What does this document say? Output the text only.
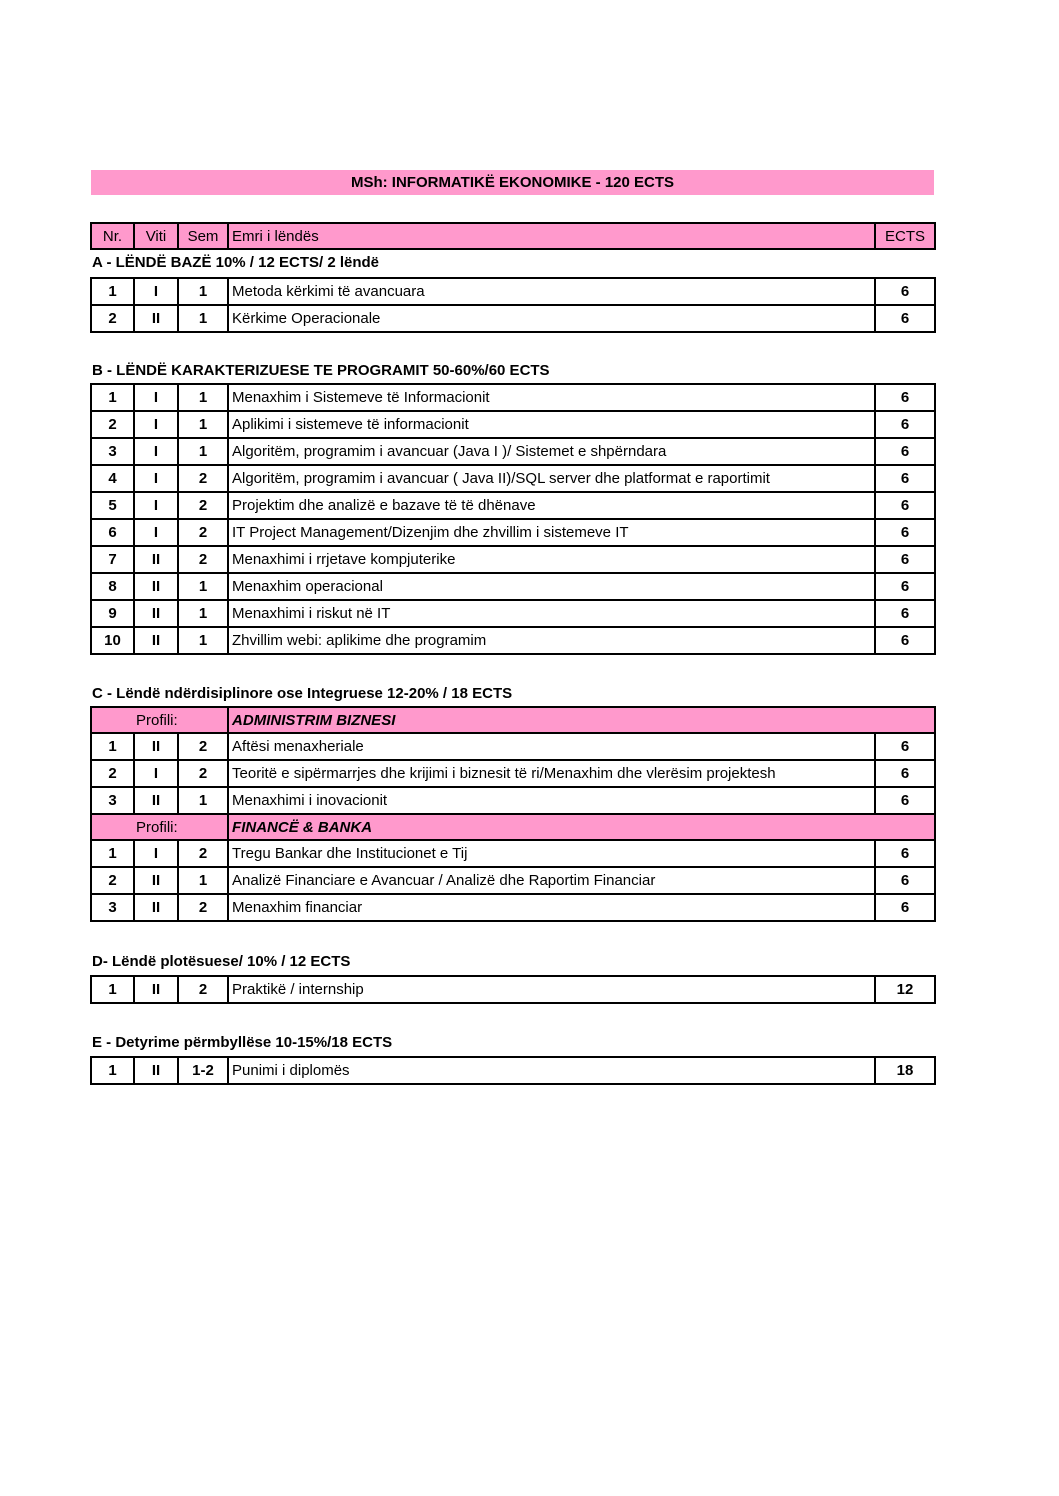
MSh: INFORMATIKË EKONOMIKE - 120 ECTS
Nr.	Viti	Sem	Emri i lëndës	ECTS
A - LËNDË BAZË 10% / 12 ECTS/ 2 lëndë
1	I	1	Metoda kërkimi të avancuara	6
2	II	1	Kërkime Operacionale	6
B - LËNDË KARAKTERIZUESE TE PROGRAMIT 50-60%/60 ECTS
1	I	1	Menaxhim i Sistemeve të Informacionit	6
2	I	1	Aplikimi i sistemeve të informacionit	6
3	I	1	Algoritëm, programim i avancuar (Java I )/ Sistemet e shpërndara	6
4	I	2	Algoritëm, programim i avancuar ( Java II)/SQL server dhe platformat e raportimit	6
5	I	2	Projektim dhe analizë e bazave të të dhënave	6
6	I	2	IT Project Management/Dizenjim dhe zhvillim i sistemeve IT	6
7	II	2	Menaxhimi i rrjetave kompjuterike	6
8	II	1	Menaxhim operacional	6
9	II	1	Menaxhimi i riskut në IT	6
10	II	1	Zhvillim webi: aplikime dhe programim	6
C - Lëndë ndërdisiplinore ose Integruese 12-20% / 18 ECTS
Profili:			ADMINISTRIM BIZNESI	
1	II	2	Aftësi menaxheriale	6
2	I	2	Teoritë e sipërmarrjes dhe krijimi i biznesit të ri/Menaxhim dhe vlerësim projektesh	6
3	II	1	Menaxhimi i inovacionit	6
Profili:			FINANCË & BANKA	
1	I	2	Tregu Bankar dhe Institucionet e Tij	6
2	II	1	Analizë Financiare e Avancuar / Analizë dhe Raportim Financiar	6
3	II	2	Menaxhim financiar	6
D- Lëndë plotësuese/ 10% / 12 ECTS
1	II	2	Praktikë / internship	12
E - Detyrime përmbyllëse 10-15%/18 ECTS
1	II	1-2	Punimi i diplomës	18
